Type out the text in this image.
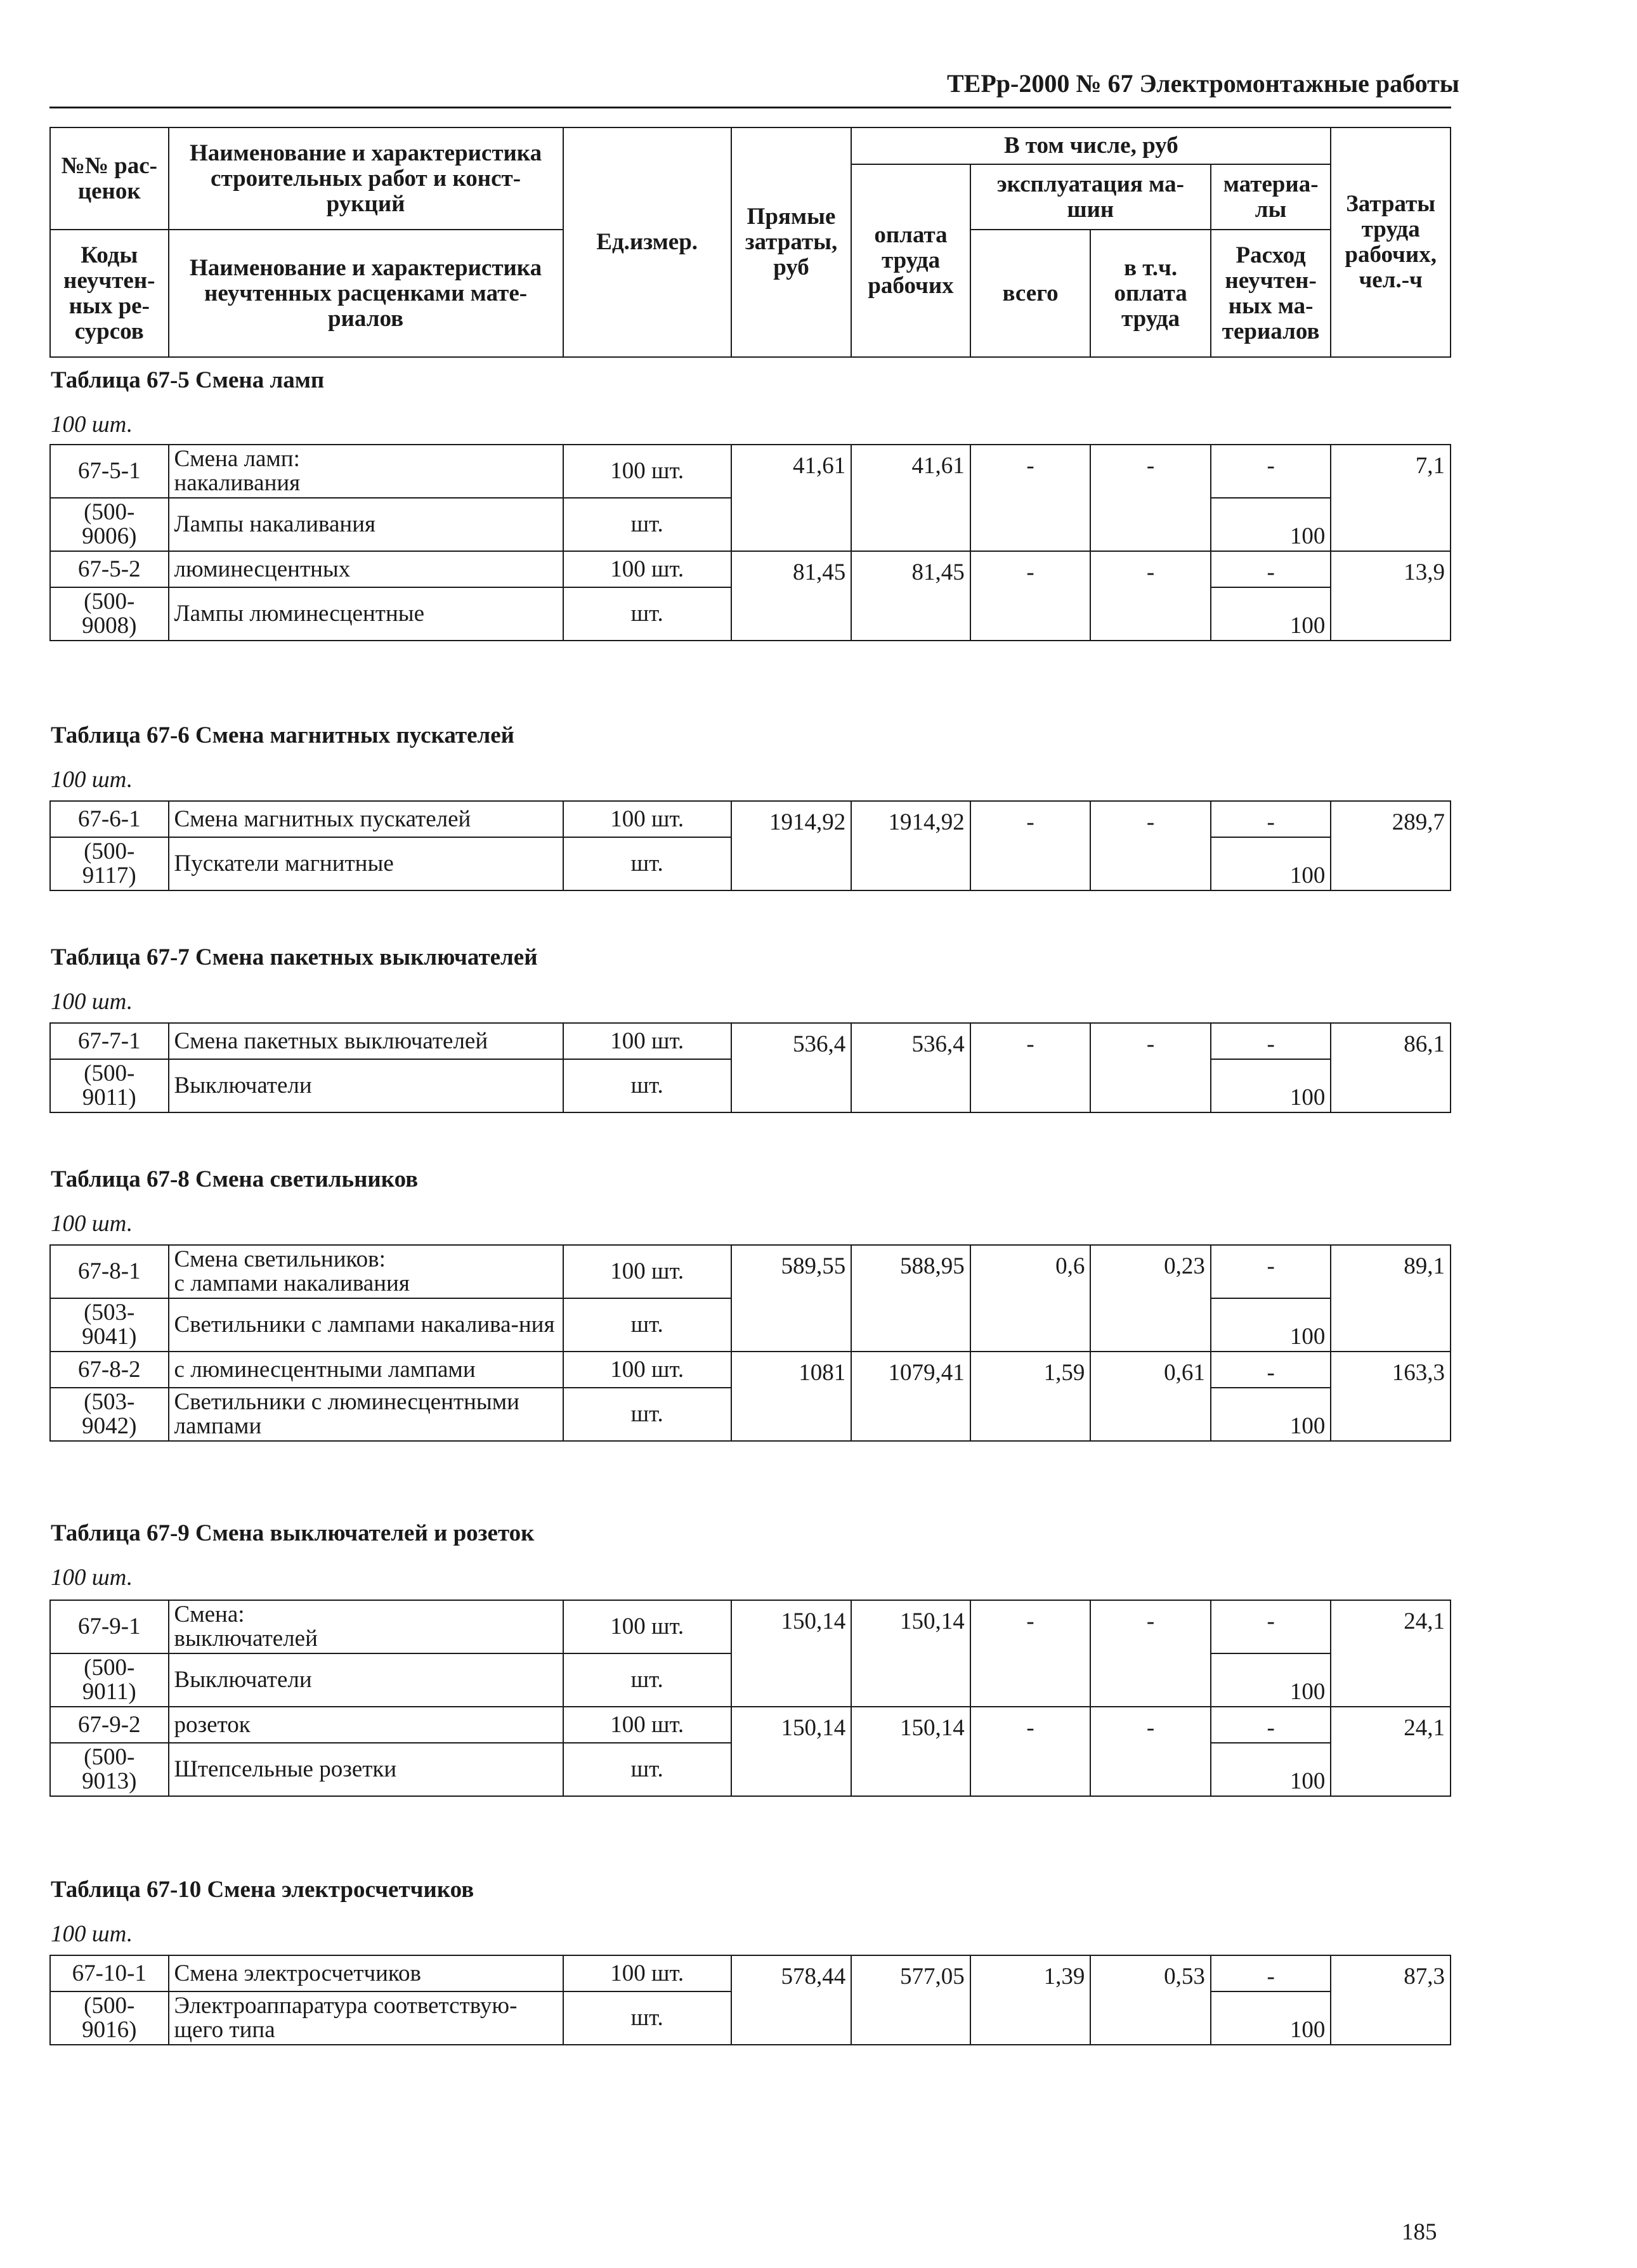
ТЕРр-2000 № 67 Электромонтажные работы
№№ рас-ценок	Наименование и характеристика строительных работ и конст-рукций	Ед.измер.	Прямые затраты, руб	В том числе, руб				Затраты труда рабочих, чел.-ч
				оплата труда рабочих	эксплуатация ма-шин		материа-лы	

Коды неучтен-ных ре-сурсов	Наименование и характеристика неучтенных расценками мате-риалов				всего	в т.ч. оплата труда	Расход неучтен-ных ма-териалов	

Таблица 67-5 Смена ламп
100 шт.
67-5-1	Смена ламп:
накаливания	100 шт.	41,61	41,61	-	-	-	7,1
(500-
9006)	Лампы накаливания	шт.					100	
67-5-2	люминесцентных	100 шт.	81,45	81,45	-	-	-	13,9
(500-
9008)	Лампы люминесцентные	шт.					100	
Таблица 67-6 Смена магнитных пускателей
100 шт.
67-6-1	Смена магнитных пускателей	100 шт.	1914,92	1914,92	-	-	-	289,7
(500-
9117)	Пускатели магнитные	шт.					100	
Таблица 67-7 Смена пакетных выключателей
100 шт.
67-7-1	Смена пакетных выключателей	100 шт.	536,4	536,4	-	-	-	86,1
(500-
9011)	Выключатели	шт.					100	
Таблица 67-8 Смена светильников
100 шт.
67-8-1	Смена светильников:
с лампами накаливания	100 шт.	589,55	588,95	0,6	0,23	-	89,1
(503-
9041)	Светильники с лампами накалива-ния	шт.					100	
67-8-2	с люминесцентными лампами	100 шт.	1081	1079,41	1,59	0,61	-	163,3
(503-
9042)	Светильники с люминесцентными лампами	шт.					100	
Таблица 67-9 Смена выключателей и розеток
100 шт.
67-9-1	Смена:
выключателей	100 шт.	150,14	150,14	-	-	-	24,1
(500-
9011)	Выключатели	шт.					100	
67-9-2	розеток	100 шт.	150,14	150,14	-	-	-	24,1
(500-
9013)	Штепсельные розетки	шт.					100	
Таблица 67-10 Смена электросчетчиков
100 шт.
67-10-1	Смена электросчетчиков	100 шт.	578,44	577,05	1,39	0,53	-	87,3
(500-
9016)	Электроаппаратура соответствую-щего типа	шт.					100	
185
